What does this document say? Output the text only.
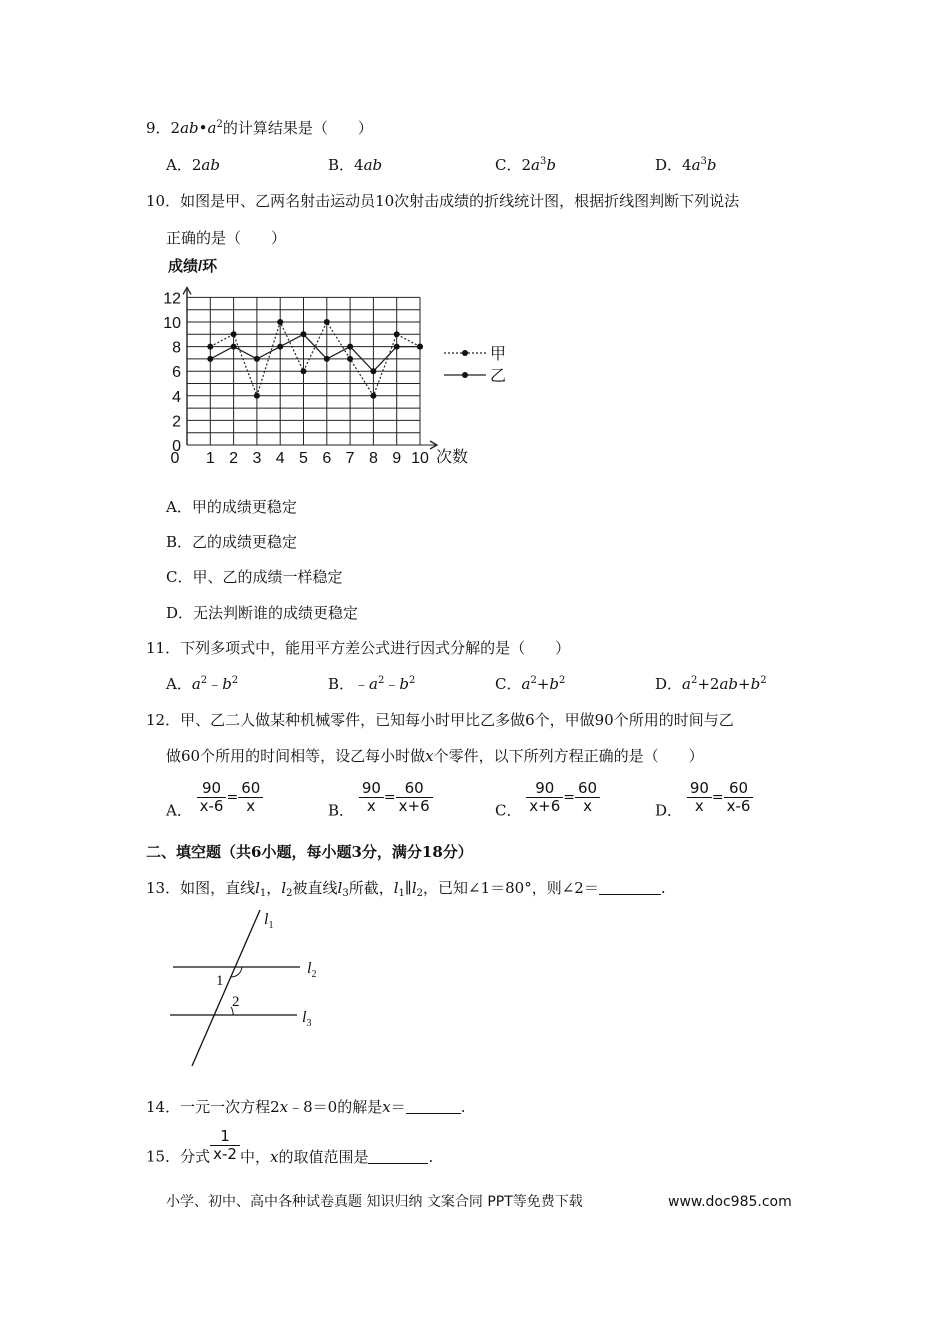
9．$2ab•a^2$的计算结果是（　　）
A．2ab	B．4ab	C．$2a^3b$	D．$4a^3b$
10．如图是甲、乙两名射击运动员10次射击成绩的折线统计图，根据折线图判断下列说法
正确的是（　　）
成绩/环
次数
0
2
4
6
8
10
12
0 1 2 3 4 5 6 7 8 9 10
甲
乙
A．甲的成绩更稳定
B．乙的成绩更稳定
C．甲、乙的成绩一样稳定
D．无法判断谁的成绩更稳定
11．下列多项式中，能用平方差公式进行因式分解的是（　　）
A．$a^2﹣b^2$	B．$﹣a^2﹣b^2$	C．$a^2+b^2$	D．$a^2+2ab+b^2$
12．甲、乙二人做某种机械零件，已知每小时甲比乙多做6个，甲做90个所用的时间与乙
做60个所用的时间相等，设乙每小时做x个零件，以下所列方程正确的是（　　）
A． $\frac{90}{x-6} = \frac{60}{x}$	B． $\frac{90}{x} = \frac{60}{x+6}$	C． $\frac{90}{x+6} = \frac{60}{x}$	D． $\frac{90}{x} = \frac{60}{x-6}$
二、填空题（共6小题，每小题3分，满分18分）
13．如图，直线$l_1$，$l_2$被直线$l_3$所截，$l_1\parallel l_2$，已知∠1＝80°，则∠2＝	.
$l_1$
$l_2$
$l_3$
1
2
14．一元一次方程2x﹣8＝0的解是x＝	.
15．分式 $\frac{1}{x-2}$ 中，x的取值范围是	.
小学、初中、高中各种试卷真题 知识归纳 文案合同 PPT等免费下载	www.doc985.com
